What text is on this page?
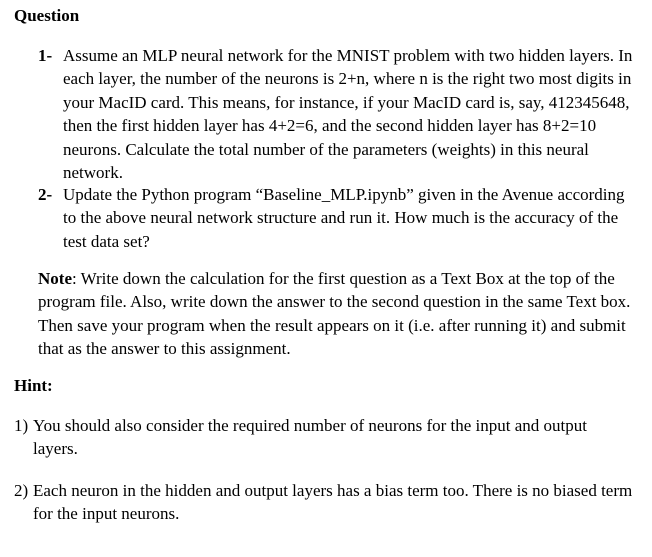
Question
1- Assume an MLP neural network for the MNIST problem with two hidden layers. In each layer, the number of the neurons is 2+n, where n is the right two most digits in your MacID card. This means, for instance, if your MacID card is, say, 412345648, then the first hidden layer has 4+2=6, and the second hidden layer has 8+2=10 neurons. Calculate the total number of the parameters (weights) in this neural network.
2- Update the Python program “Baseline_MLP.ipynb” given in the Avenue according to the above neural network structure and run it. How much is the accuracy of the test data set?
Note: Write down the calculation for the first question as a Text Box at the top of the program file. Also, write down the answer to the second question in the same Text box. Then save your program when the result appears on it (i.e. after running it) and submit that as the answer to this assignment.
Hint:
1) You should also consider the required number of neurons for the input and output layers.
2) Each neuron in the hidden and output layers has a bias term too. There is no biased term for the input neurons.
